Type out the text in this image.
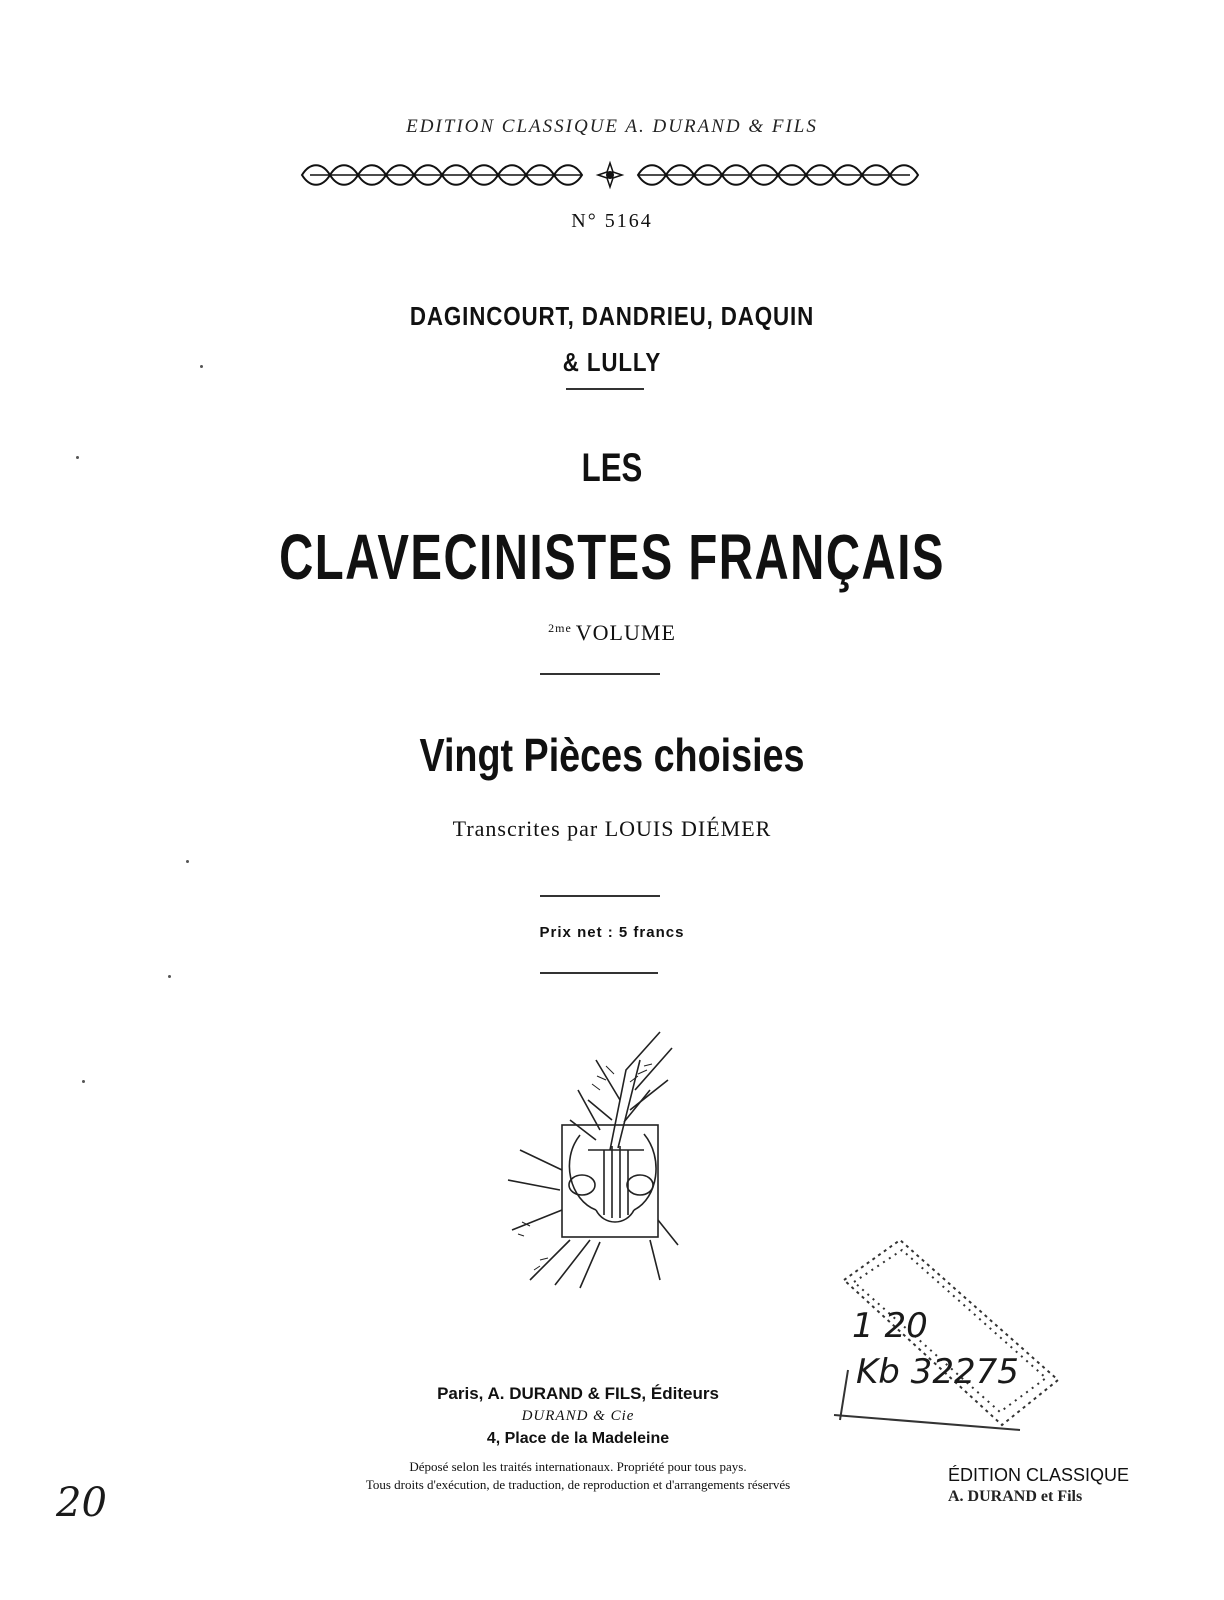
EDITION CLASSIQUE A. DURAND & FILS
N° 5164
DAGINCOURT, DANDRIEU, DAQUIN
& LULLY
LES
CLAVECINISTES FRANÇAIS
$^{2me}$ VOLUME
Vingt Pièces choisies
Transcrites par LOUIS DIÉMER
Prix net : 5 francs
1 20
Kb 32275
Paris, A. DURAND & FILS, Éditeurs
DURAND & Cie
4, Place de la Madeleine
Déposé selon les traités internationaux. Propriété pour tous pays.
Tous droits d'exécution, de traduction, de reproduction et d'arrangements réservés	ÉDITION CLASSIQUE
A. DURAND et Fils
20
